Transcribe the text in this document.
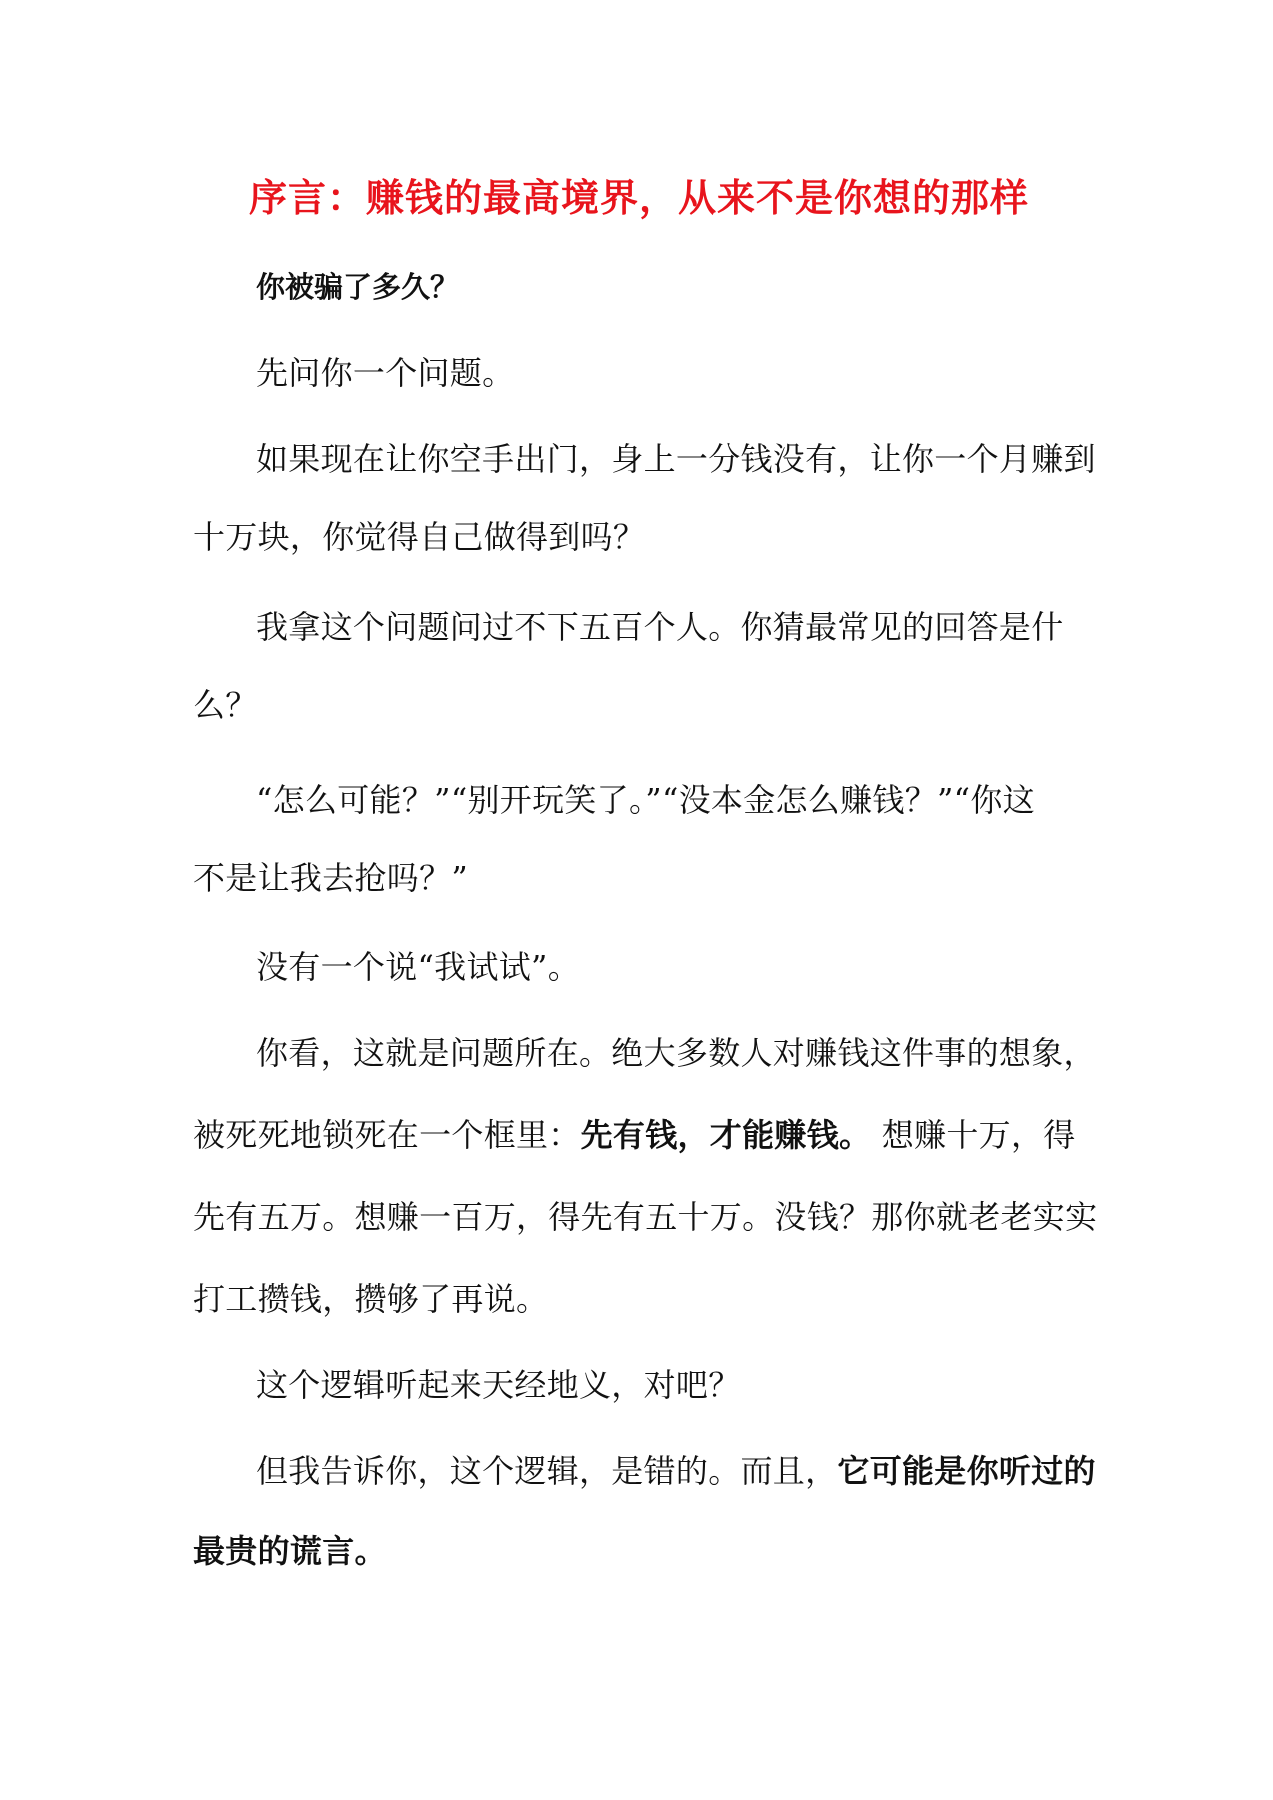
序言：赚钱的最高境界，从来不是你想的那样
你被骗了多久？
先问你一个问题。
如果现在让你空手出门，身上一分钱没有，让你一个月赚到
十万块，你觉得自己做得到吗？
我拿这个问题问过不下五百个人。你猜最常见的回答是什
么？
“怎么可能？”“别开玩笑了。”“没本金怎么赚钱？”“你这
不是让我去抢吗？”
没有一个说“我试试”。
你看，这就是问题所在。绝大多数人对赚钱这件事的想象，
被死死地锁死在一个框里：先有钱，才能赚钱。 想赚十万，得
先有五万。想赚一百万，得先有五十万。没钱？那你就老老实实
打工攒钱，攒够了再说。
这个逻辑听起来天经地义，对吧？
但我告诉你，这个逻辑，是错的。而且，它可能是你听过的
最贵的谎言。
